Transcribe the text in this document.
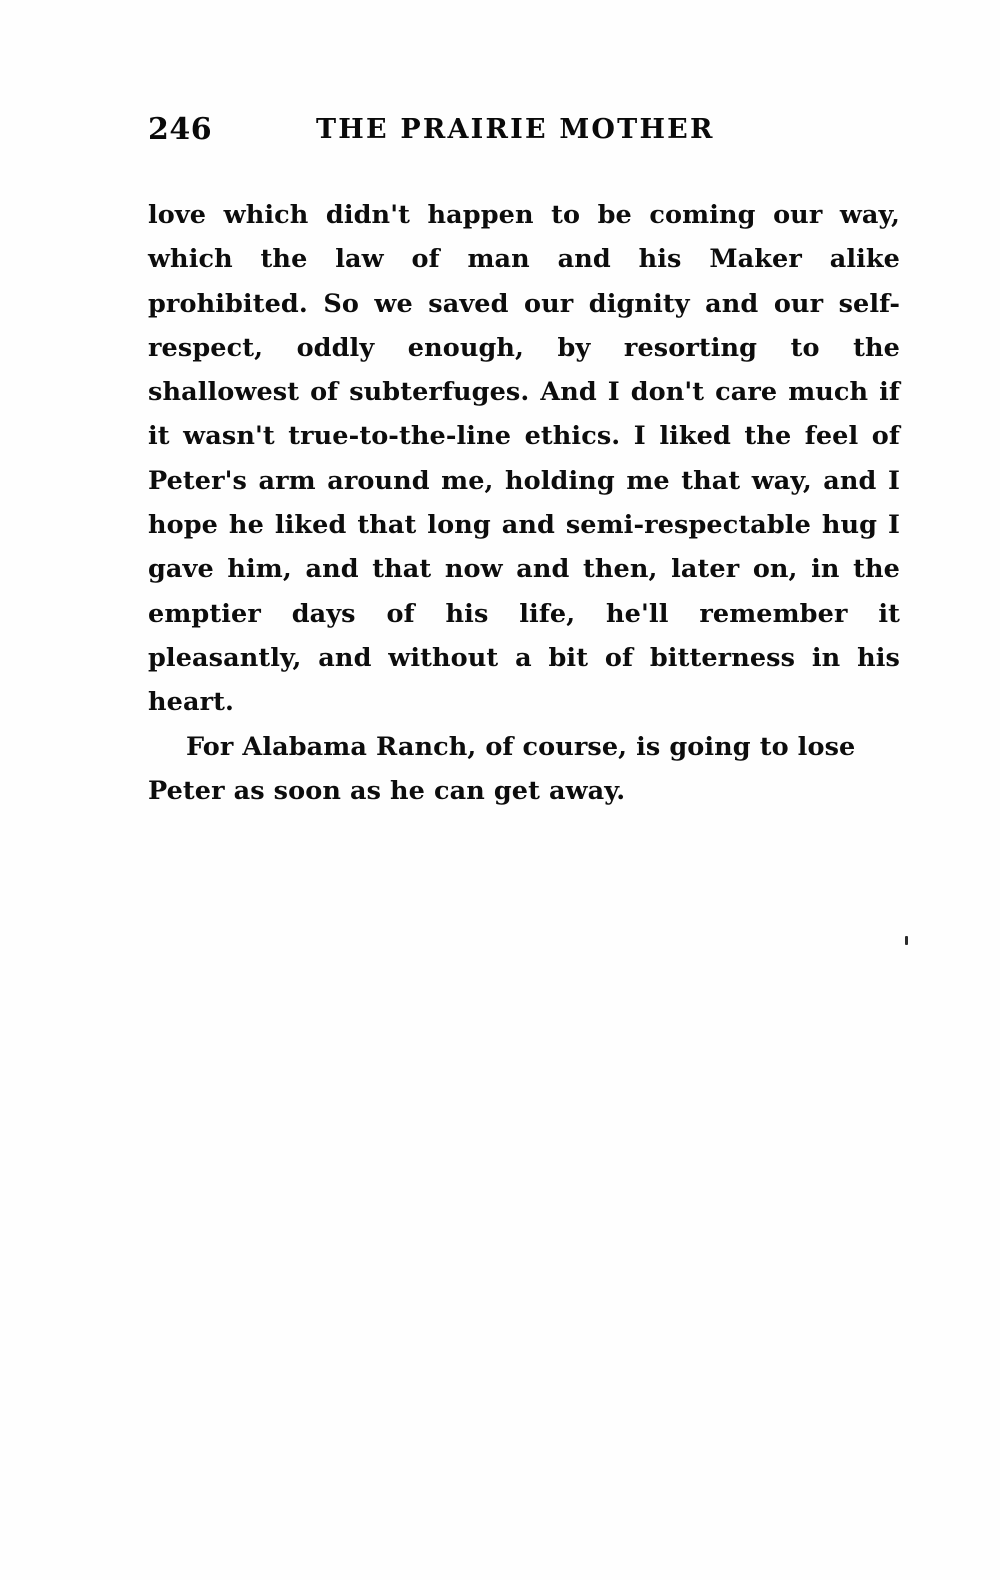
246	THE PRAIRIE MOTHER

love which didn't happen to be coming our way, which the law of man and his Maker alike prohibited. So we saved our dignity and our self-respect, oddly enough, by resorting to the shallowest of subterfuges. And I don't care much if it wasn't true-to-the-line ethics. I liked the feel of Peter's arm around me, holding me that way, and I hope he liked that long and semi-respectable hug I gave him, and that now and then, later on, in the emptier days of his life, he'll remember it pleasantly, and without a bit of bitterness in his heart.

For Alabama Ranch, of course, is going to lose Peter as soon as he can get away.
